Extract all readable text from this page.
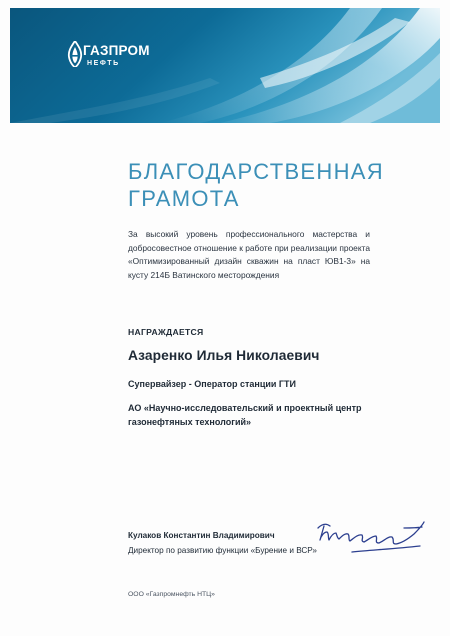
ГАЗПРОМ
НЕФТЬ
БЛАГОДАРСТВЕННАЯ
ГРАМОТА

За высокий уровень профессионального мастерства и добросовестное отношение к работе при реализации проекта «Оптимизированный дизайн скважин на пласт ЮВ1-3» на кусту 214Б Ватинского месторождения

НАГРАЖДАЕТСЯ
Азаренко Илья Николаевич
Супервайзер - Оператор станции ГТИ
АО «Научно-исследовательский и проектный центр газонефтяных технологий»
Кулаков Константин Владимирович
Директор по развитию функции «Бурение и ВСР»
ООО «Газпромнефть НТЦ»
